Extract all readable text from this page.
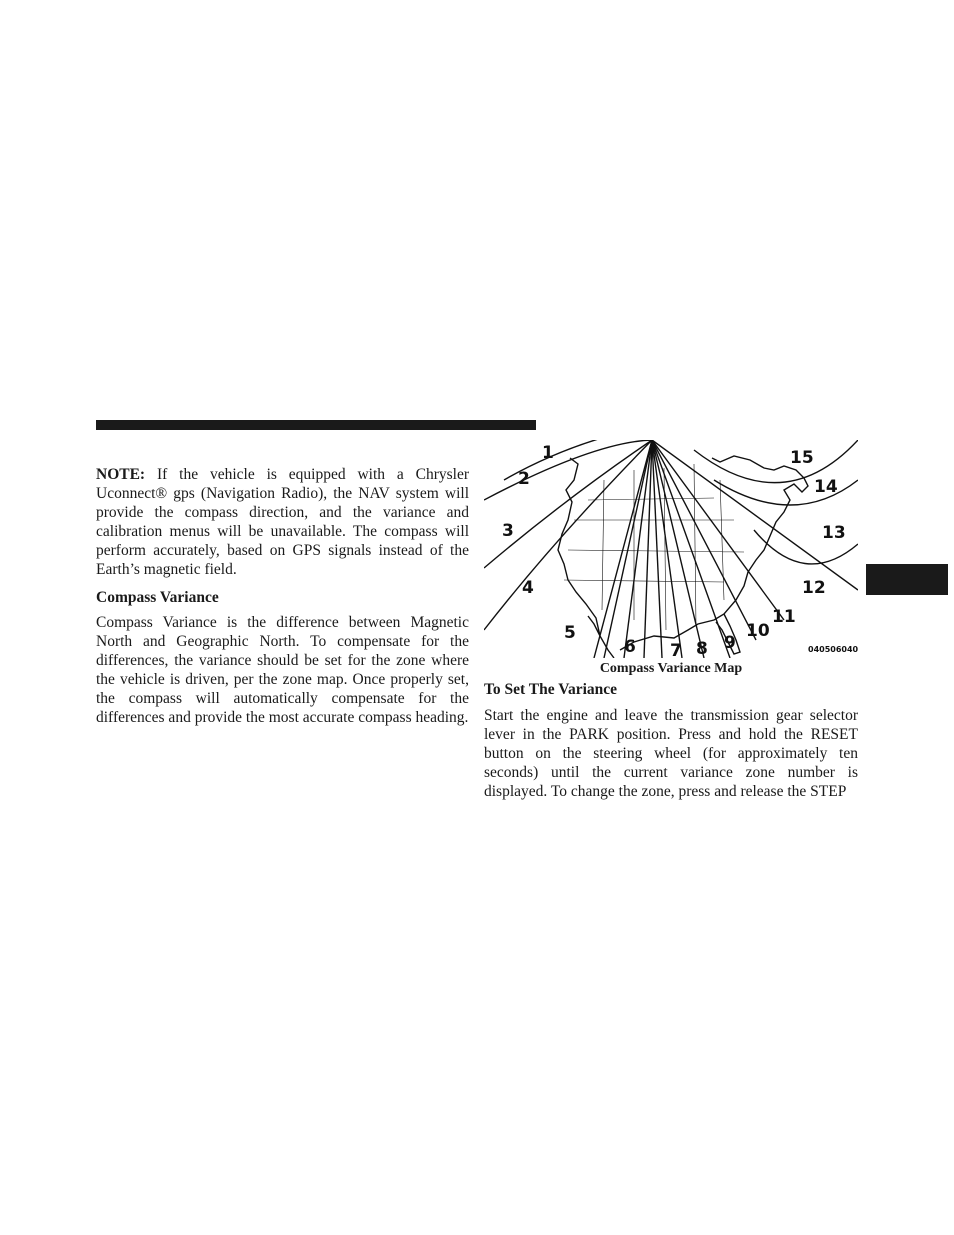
NOTE: If the vehicle is equipped with a Chrysler Uconnect® gps (Navigation Radio), the NAV system will provide the compass direction, and the variance and calibration menus will be unavailable. The compass will perform accurately, based on GPS signals instead of the Earth’s magnetic field.

Compass Variance

Compass Variance is the difference between Magnetic North and Geographic North. To compensate for the differences, the variance should be set for the zone where the vehicle is driven, per the zone map. Once properly set, the compass will automatically compensate for the differences and provide the most accurate compass heading.

1
2
3
4
5
6 7 8 9
10
11
12
13
14
15
040506040
Compass Variance Map

To Set The Variance

Start the engine and leave the transmission gear selector lever in the PARK position. Press and hold the RESET button on the steering wheel (for approximately ten seconds) until the current variance zone number is displayed. To change the zone, press and release the STEP
